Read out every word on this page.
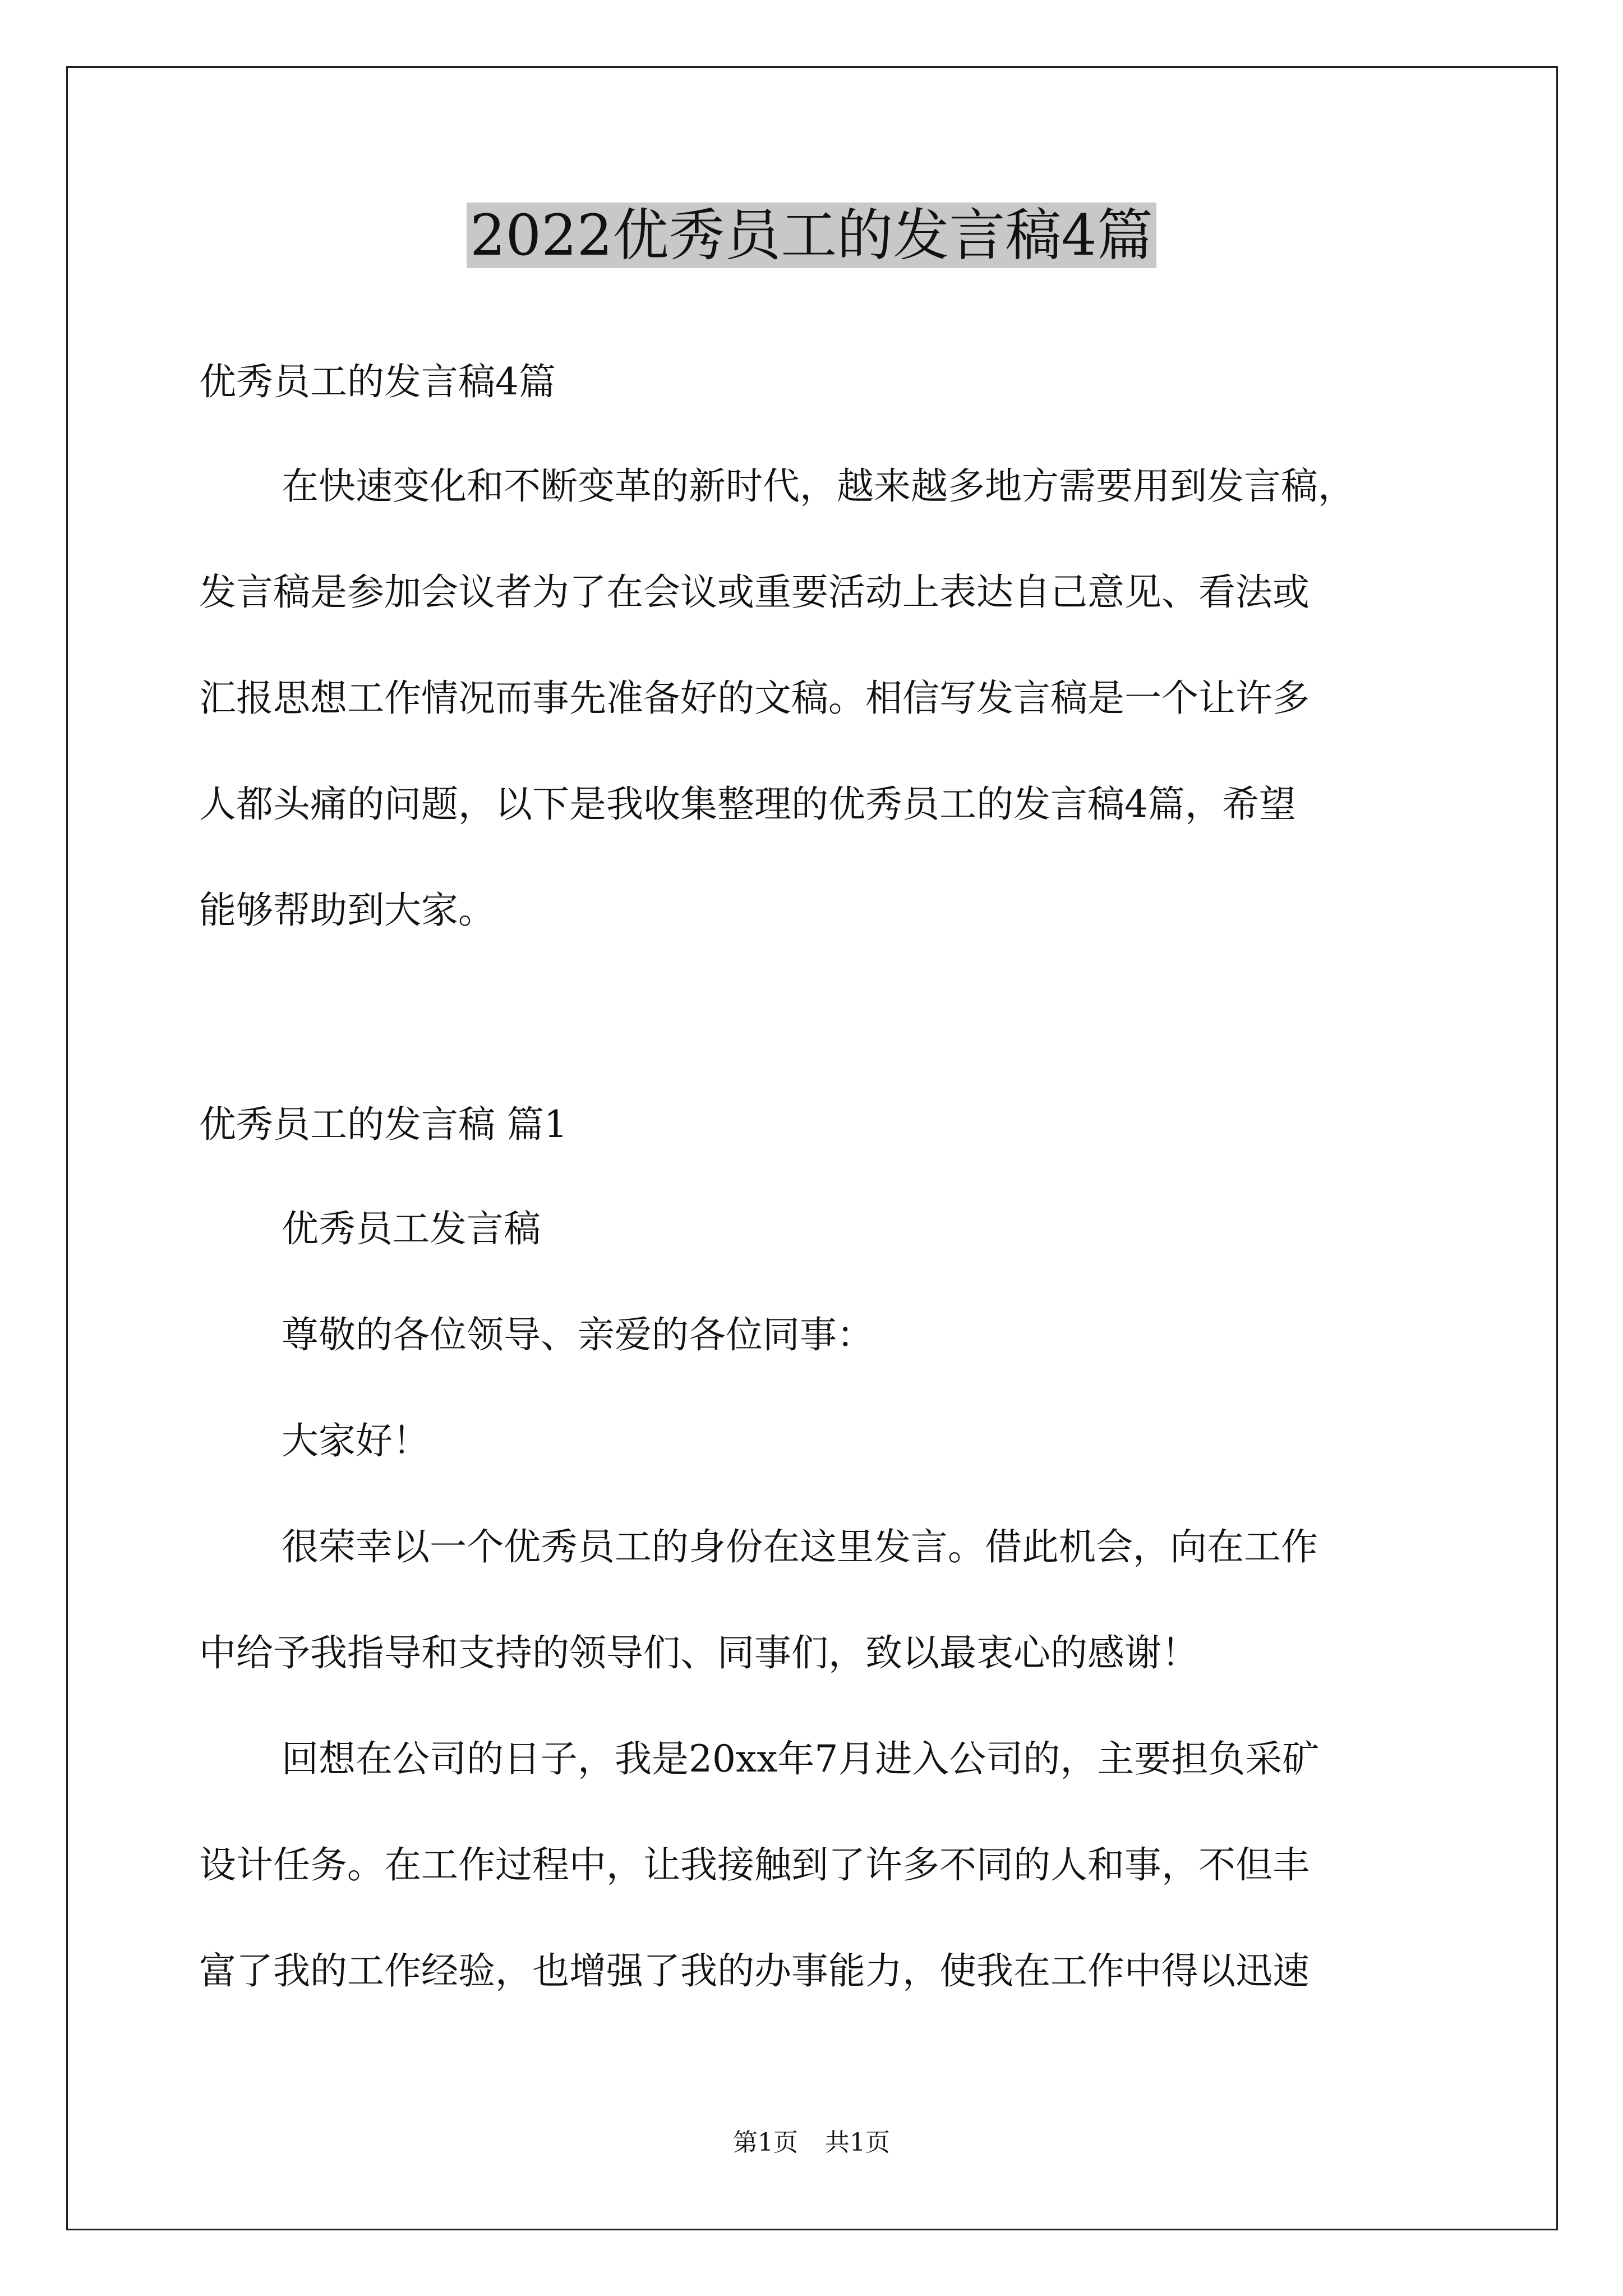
2022优秀员工的发言稿4篇
优秀员工的发言稿4篇
在快速变化和不断变革的新时代，越来越多地方需要用到发言稿，
发言稿是参加会议者为了在会议或重要活动上表达自己意见、看法或
汇报思想工作情况而事先准备好的文稿。相信写发言稿是一个让许多
人都头痛的问题，以下是我收集整理的优秀员工的发言稿4篇，希望
能够帮助到大家。
优秀员工的发言稿 篇1
优秀员工发言稿
尊敬的各位领导、亲爱的各位同事：
大家好！
很荣幸以一个优秀员工的身份在这里发言。借此机会，向在工作
中给予我指导和支持的领导们、同事们，致以最衷心的感谢！
回想在公司的日子，我是20xx年7月进入公司的，主要担负采矿
设计任务。在工作过程中，让我接触到了许多不同的人和事，不但丰
富了我的工作经验，也增强了我的办事能力，使我在工作中得以迅速
第1页 共1页
